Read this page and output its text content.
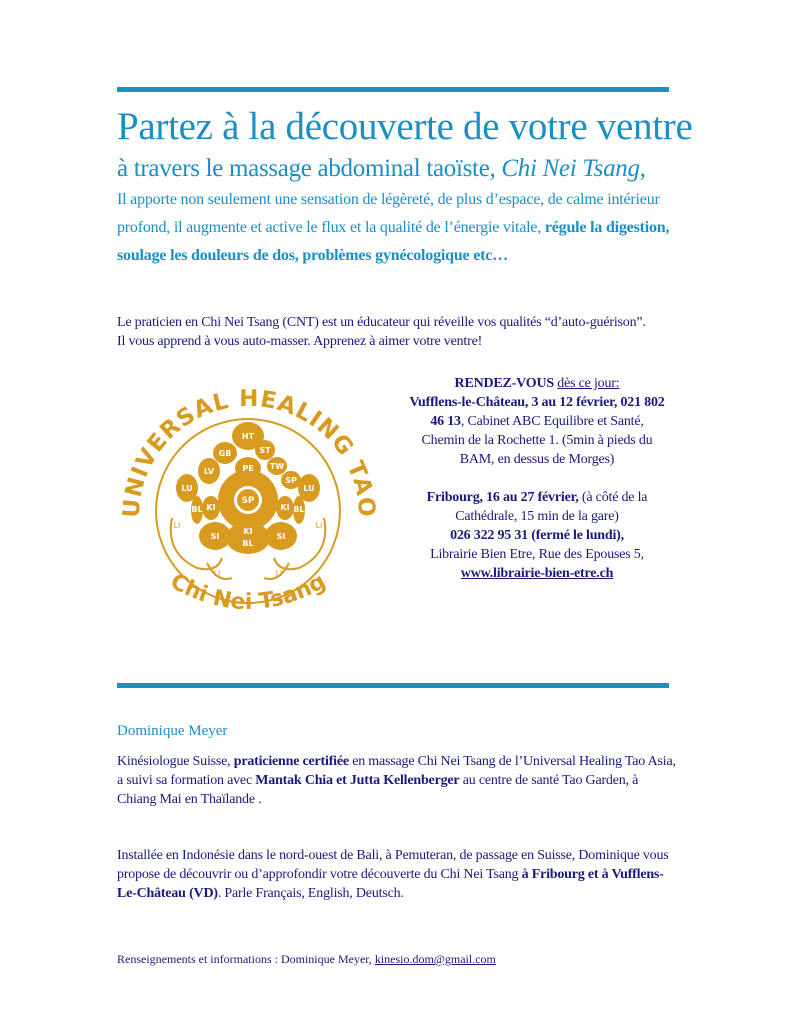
Partez à la découverte de votre ventre
à travers le massage abdominal taoïste, Chi Nei Tsang,
Il apporte non seulement une sensation de légèreté, de plus d’espace, de calme intérieur profond, il augmente et active le flux et la qualité de l’énergie vitale, régule la digestion, soulage les douleurs de dos, problèmes gynécologique etc…
Le praticien en Chi Nei Tsang (CNT) est un éducateur qui réveille vos qualités “d’auto-guérison”. Il vous apprend à vous auto-masser. Apprenez à aimer votre ventre!
UNIVERSAL HEALING TAO
Chi Nei Tsang
HT
GB	ST
PE
LV
TW
SP
LU	LU
KI	KI
BL	BL
SP
KI
BL
SI	SI
LI	LI
LI	LI

RENDEZ-VOUS dès ce jour:

Vufflens-le-Château, 3 au 12 février, 021 802 46 13, Cabinet ABC Equilibre et Santé, Chemin de la Rochette 1. (5min à pieds du BAM, en dessus de Morges)

Fribourg, 16 au 27 février, (à côté de la Cathédrale, 15 min de la gare)

026 322 95 31 (fermé le lundi),

Librairie Bien Etre, Rue des Epouses 5,

www.librairie-bien-etre.ch

Dominique Meyer
Kinésiologue Suisse, praticienne certifiée en massage Chi Nei Tsang de l’Universal Healing Tao Asia, a suivi sa formation avec Mantak Chia et Jutta Kellenberger au centre de santé Tao Garden, à Chiang Mai en Thaïlande .
Installée en Indonésie dans le nord-ouest de Bali, à Pemuteran, de passage en Suisse, Dominique vous propose de découvrir ou d’approfondir votre découverte du Chi Nei Tsang à Fribourg et à Vufflens-Le-Château (VD). Parle Français, English, Deutsch.
Renseignements et informations : Dominique Meyer, kinesio.dom@gmail.com
